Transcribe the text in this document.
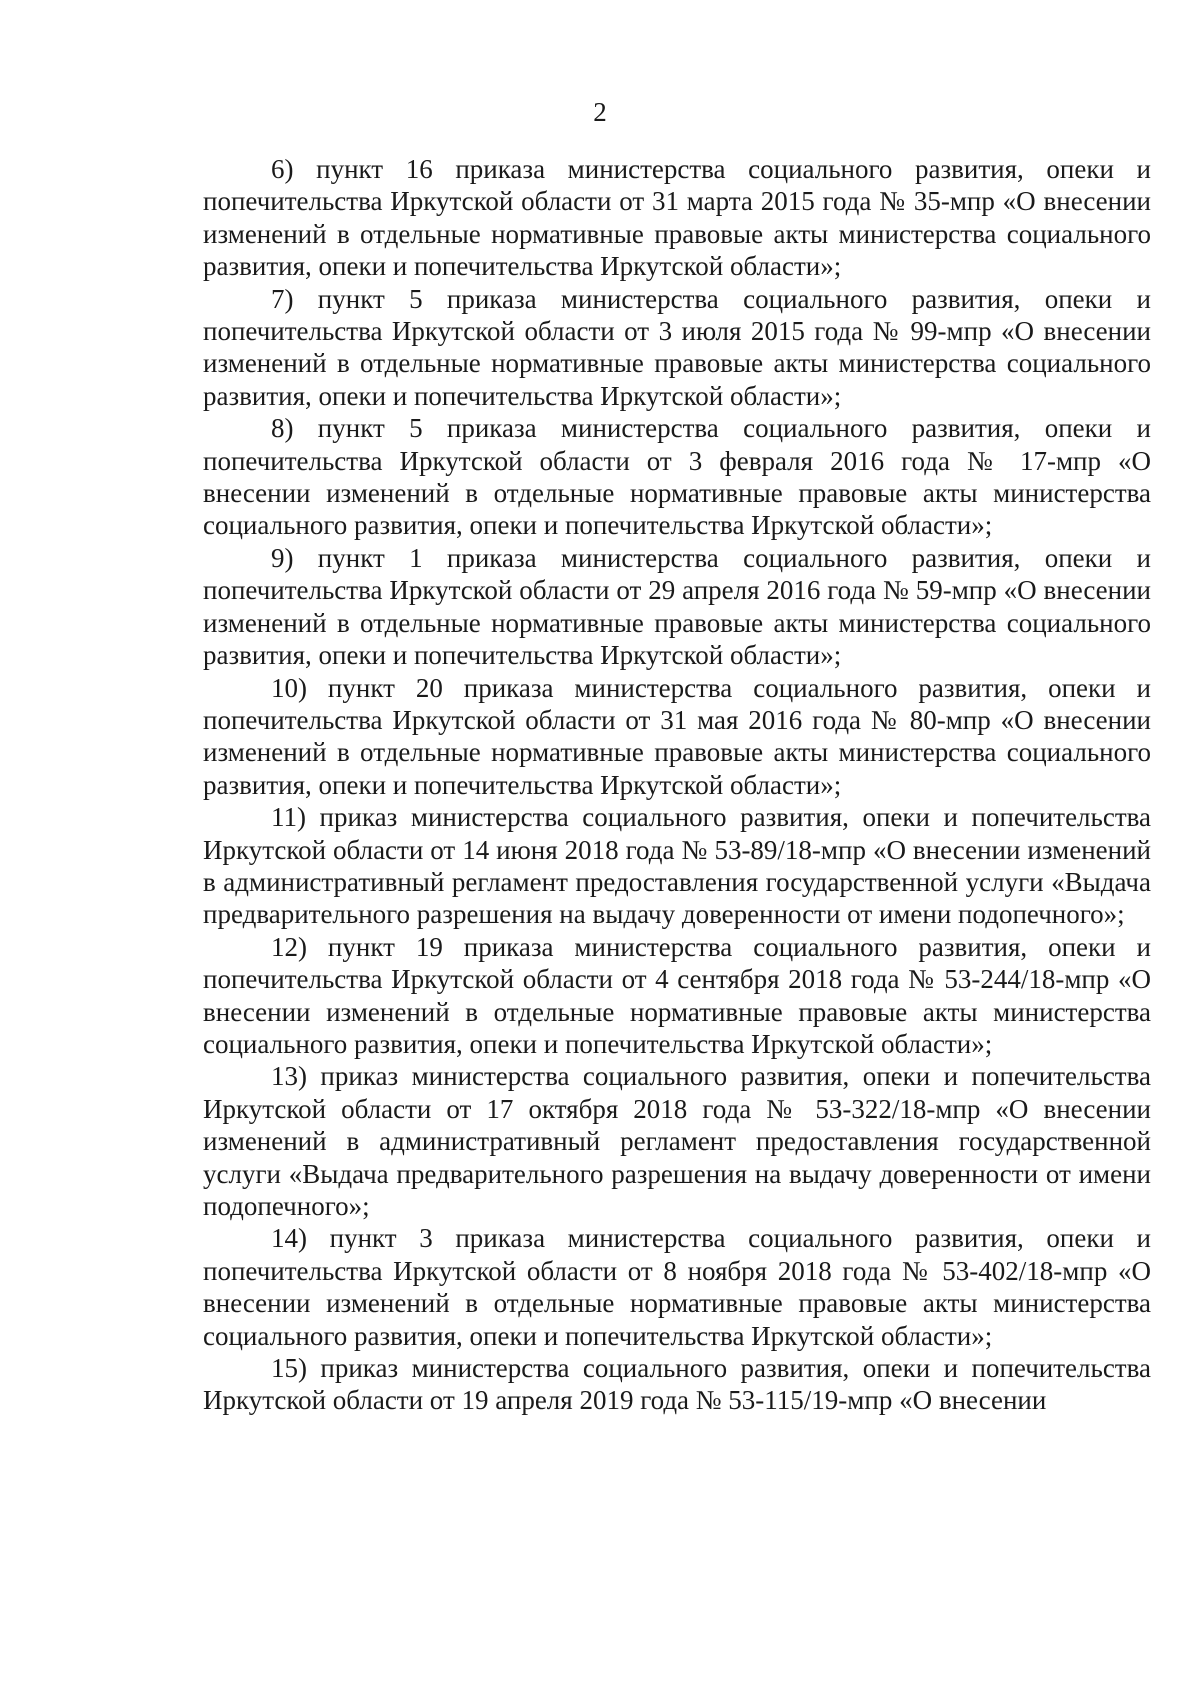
2

6) пункт 16 приказа министерства социального развития, опеки и попечительства Иркутской области от 31 марта 2015 года № 35-мпр «О внесении изменений в отдельные нормативные правовые акты министерства социального развития, опеки и попечительства Иркутской области»;

7) пункт 5 приказа министерства социального развития, опеки и попечительства Иркутской области от 3 июля 2015 года № 99-мпр «О внесении изменений в отдельные нормативные правовые акты министерства социального развития, опеки и попечительства Иркутской области»;

8) пункт 5 приказа министерства социального развития, опеки и попечительства Иркутской области от 3 февраля 2016 года № 17-мпр «О внесении изменений в отдельные нормативные правовые акты министерства социального развития, опеки и попечительства Иркутской области»;

9) пункт 1 приказа министерства социального развития, опеки и попечительства Иркутской области от 29 апреля 2016 года № 59-мпр «О внесении изменений в отдельные нормативные правовые акты министерства социального развития, опеки и попечительства Иркутской области»;

10) пункт 20 приказа министерства социального развития, опеки и попечительства Иркутской области от 31 мая 2016 года № 80-мпр «О внесении изменений в отдельные нормативные правовые акты министерства социального развития, опеки и попечительства Иркутской области»;

11) приказ министерства социального развития, опеки и попечительства Иркутской области от 14 июня 2018 года № 53-89/18-мпр «О внесении изменений в административный регламент предоставления государственной услуги «Выдача предварительного разрешения на выдачу доверенности от имени подопечного»;

12) пункт 19 приказа министерства социального развития, опеки и попечительства Иркутской области от 4 сентября 2018 года № 53-244/18-мпр «О внесении изменений в отдельные нормативные правовые акты министерства социального развития, опеки и попечительства Иркутской области»;

13) приказ министерства социального развития, опеки и попечительства Иркутской области от 17 октября 2018 года № 53-322/18-мпр «О внесении изменений в административный регламент предоставления государственной услуги «Выдача предварительного разрешения на выдачу доверенности от имени подопечного»;

14) пункт 3 приказа министерства социального развития, опеки и попечительства Иркутской области от 8 ноября 2018 года № 53-402/18-мпр «О внесении изменений в отдельные нормативные правовые акты министерства социального развития, опеки и попечительства Иркутской области»;

15) приказ министерства социального развития, опеки и попечительства Иркутской области от 19 апреля 2019 года № 53-115/19-мпр «О внесении
